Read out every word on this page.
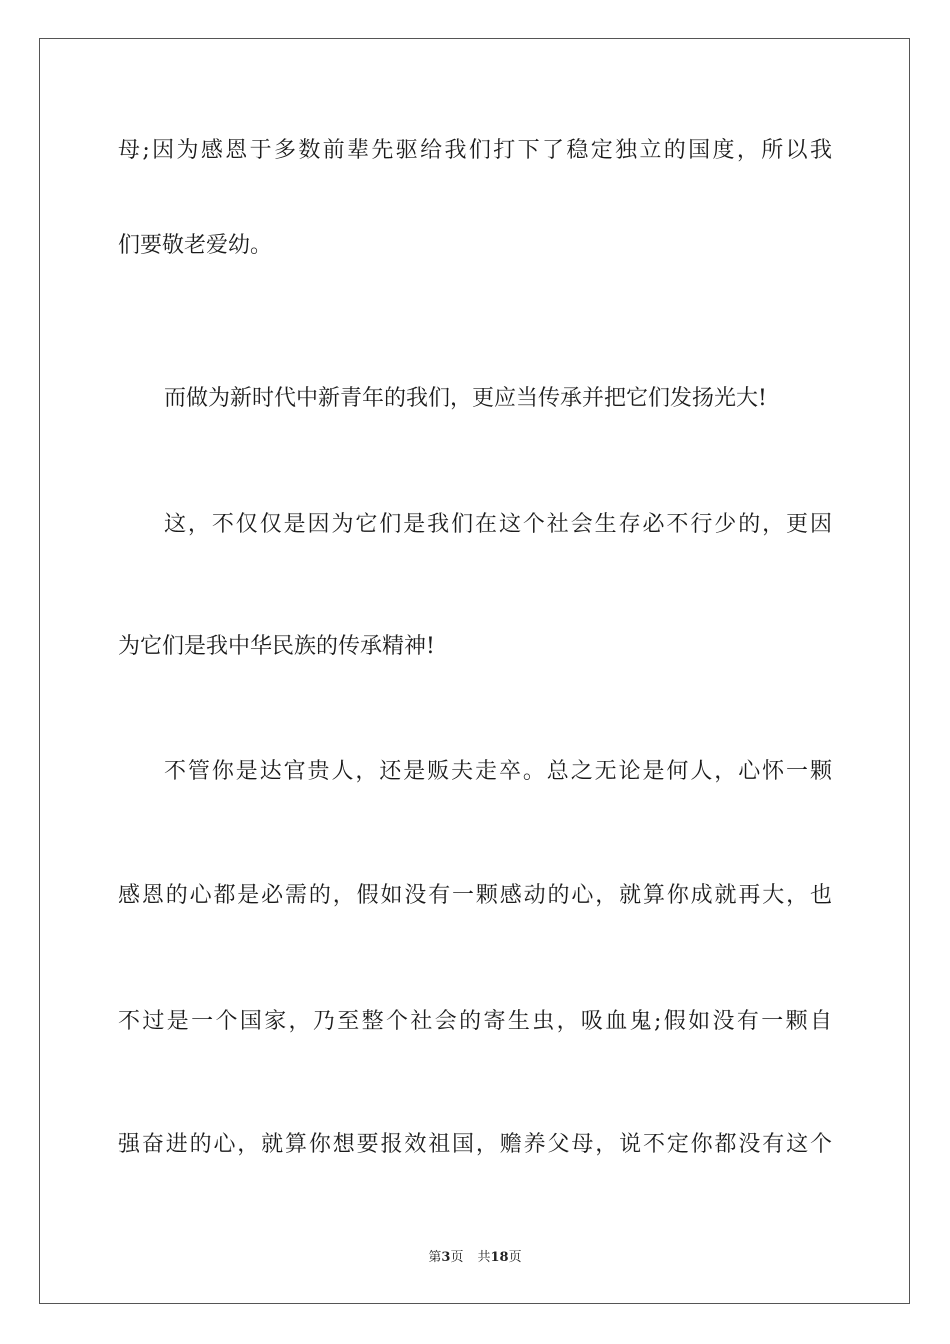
母;因为感恩于多数前辈先驱给我们打下了稳定独立的国度，所以我
们要敬老爱幼。
而做为新时代中新青年的我们，更应当传承并把它们发扬光大!
这，不仅仅是因为它们是我们在这个社会生存必不行少的，更因
为它们是我中华民族的传承精神!
不管你是达官贵人，还是贩夫走卒。总之无论是何人，心怀一颗
感恩的心都是必需的，假如没有一颗感动的心，就算你成就再大，也
不过是一个国家，乃至整个社会的寄生虫，吸血鬼;假如没有一颗自
强奋进的心，就算你想要报效祖国，赡养父母，说不定你都没有这个
第3页 共18页
